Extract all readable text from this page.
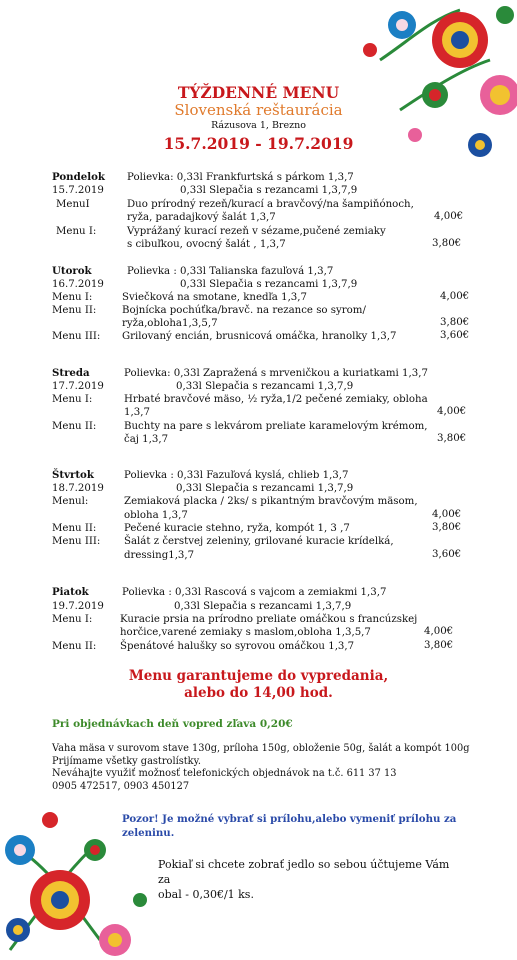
TÝŽDENNÉ MENU
Slovenská reštaurácia
Rázusova 1, Brezno
15.7.2019 - 19.7.2019
Pondelok Polievka: 0,33l Frankfurtská s párkom 1,3,7
15.7.2019	0,33l Slepačia s rezancami 1,3,7,9
MenuI	Duo prírodný rezeň/kurací a bravčový/na šampiňónoch,
ryža, paradajkový šalát 1,3,7	4,00€
Menu I:	Vyprážaný kurací rezeň v sézame,pučené zemiaky
s cibuľkou, ovocný šalát , 1,3,7	3,80€
Utorok	Polievka : 0,33l Talianska fazuľová 1,3,7
16.7.2019	0,33l Slepačia s rezancami 1,3,7,9
Menu I:	Sviečková na smotane, knedľa 1,3,7	4,00€
Menu II:	Bojnícka pochúťka/bravč. na rezance so syrom/
ryža,obloha1,3,5,7	3,80€
Menu III: Grilovaný encián, brusnicová omáčka, hranolky 1,3,7	3,60€
Streda	Polievka: 0,33l Zapražená s mrveničkou a kuriatkami 1,3,7
17.7.2019	0,33l Slepačia s rezancami 1,3,7,9
Menu I:	Hrbaté bravčové mäso, ½ ryža,1/2 pečené zemiaky, obloha
1,3,7	4,00€
Menu II:	Buchty na pare s lekvárom preliate karamelovým krémom,
čaj 1,3,7	3,80€
Štvrtok	Polievka : 0,33l Fazuľová kyslá, chlieb 1,3,7
18.7.2019	0,33l Slepačia s rezancami 1,3,7,9
Menul:	Zemiaková placka / 2ks/ s pikantným bravčovým mäsom,
obloha 1,3,7	4,00€
Menu II:	Pečené kuracie stehno, ryža, kompót 1, 3 ,7	3,80€
Menu III: Šalát z čerstvej zeleniny, grilované kuracie krídelká,
dressing1,3,7	3,60€
Piatok	Polievka : 0,33l Rascová s vajcom a zemiakmi 1,3,7
19.7.2019	0,33l Slepačia s rezancami 1,3,7,9
Menu I:	Kuracie prsia na prírodno preliate omáčkou s francúzskej
horčice,varené zemiaky s maslom,obloha 1,3,5,7	4,00€
Menu II: Špenátové halušky so syrovou omáčkou 1,3,7	3,80€
Menu garantujeme do vypredania,
alebo do 14,00 hod.
Pri objednávkach deň vopred zľava 0,20€
Vaha mäsa v surovom stave 130g, príloha 150g, obloženie 50g, šalát a kompót 100g
Prijímame všetky gastrolístky.
Neváhajte využiť možnosť telefonických objednávok na t.č. 611 37 13
0905 472517, 0903 450127
Pozor! Je možné vybrať si prílohu,alebo vymeniť prílohu za
zeleninu.
Pokiaľ si chcete zobrať jedlo so sebou účtujeme Vám za
obal - 0,30€/1 ks.
